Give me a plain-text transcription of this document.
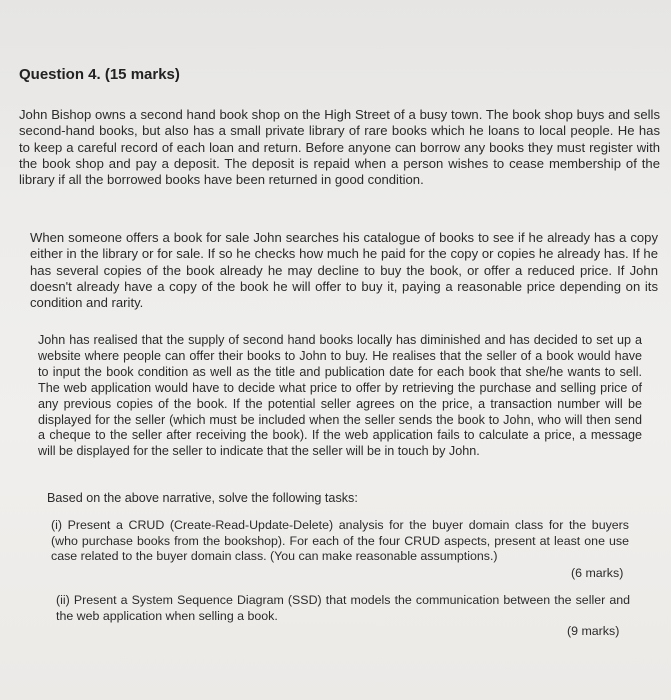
Question 4. (15 marks)

John Bishop owns a second hand book shop on the High Street of a busy town. The book shop buys and sells second-hand books, but also has a small private library of rare books which he loans to local people. He has to keep a careful record of each loan and return. Before anyone can borrow any books they must register with the book shop and pay a deposit. The deposit is repaid when a person wishes to cease membership of the library if all the borrowed books have been returned in good condition.

When someone offers a book for sale John searches his catalogue of books to see if he already has a copy either in the library or for sale. If so he checks how much he paid for the copy or copies he already has. If he has several copies of the book already he may decline to buy the book, or offer a reduced price. If John doesn't already have a copy of the book he will offer to buy it, paying a reasonable price depending on its condition and rarity.

John has realised that the supply of second hand books locally has diminished and has decided to set up a website where people can offer their books to John to buy. He realises that the seller of a book would have to input the book condition as well as the title and publication date for each book that she/he wants to sell. The web application would have to decide what price to offer by retrieving the purchase and selling price of any previous copies of the book. If the potential seller agrees on the price, a transaction number will be displayed for the seller (which must be included when the seller sends the book to John, who will then send a cheque to the seller after receiving the book). If the web application fails to calculate a price, a message will be displayed for the seller to indicate that the seller will be in touch by John.

Based on the above narrative, solve the following tasks:
(i) Present a CRUD (Create-Read-Update-Delete) analysis for the buyer domain class for the buyers (who purchase books from the bookshop). For each of the four CRUD aspects, present at least one use case related to the buyer domain class. (You can make reasonable assumptions.)
(6 marks)
(ii) Present a System Sequence Diagram (SSD) that models the communication between the seller and the web application when selling a book.
(9 marks)
